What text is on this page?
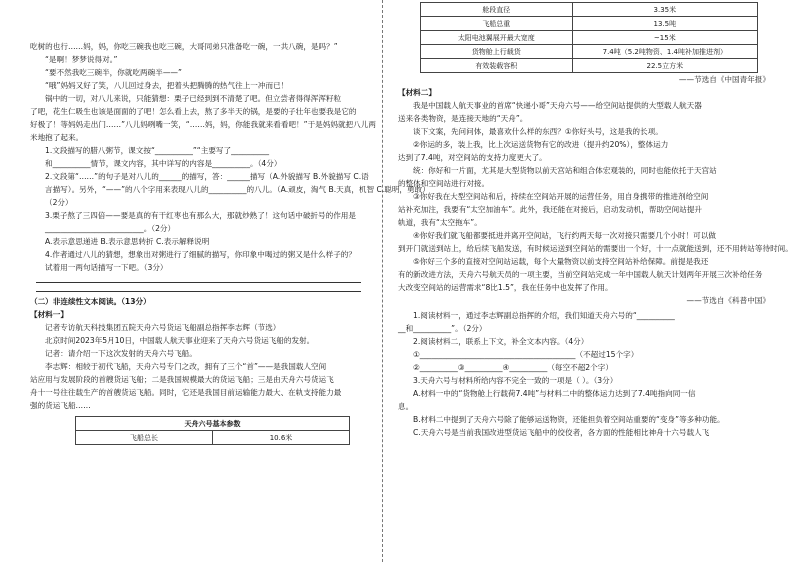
吃树的也行……妈，妈，你吃三碗我也吃三碗，大哥同弟只准备吃一碗，一共八碗，是吗？”

“是啊！梦梦说得对。”

“要不然我吃三碗半，你就吃两碗半——”

“哦”妈妈又好了笑，八儿回过身去，把着头把腾腾的热气往上一冲而已！

锅中的一切，对八儿来说，只能猜想：栗子已经到到不清楚了吧。但立尝者得得浑浑籽粒

了吧，花生仁吸生也该是面面的了吧！怎么看上去，熬了多半天的锅，是要的子壮年也要我是它的

好极了！等妈妈走出门……”八儿妈咧嘴一笑，“……妈，妈，你能我就来看看吧！”于是妈妈就把八儿两

米地抱了起来。

1.文段描写的腊八粥节，课文按“__________”“主要写了__________

和__________情节，课文内容，其中详写的内容是__________。（4分）

2.文段第“……”的句子是对八儿的______的描写，答：______描写（A.外貌描写 B.外貌描写 C.语

言描写）。另外，“——”的八个字用来表现八儿的__________的八儿。（A.顽皮，淘气 B.天真，机智 C.聪明，勇敢）

（2分）

3.栗子熬了三四倍——要是真的有干红枣也有那么大，那就炒熟了！这句话中破折号的作用是

__________________________。（2分）

A.表示意思递进 B.表示意思转折 C.表示解释说明

4.作者通过八儿的猜想，想象出对粥进行了细腻的描写，你印象中喝过的粥又是什么样子的？

试着用一两句话描写一下吧。（3分）

（二）非连续性文本阅读。（13分）

【材料一】

记者专访航天科技集团五院天舟六号货运飞船副总指挥李志辉（节选）

北京时间2023年5月10日，中国载人航天事业迎来了天舟六号货运飞船的发射。

记者：请介绍一下这次发射的天舟六号飞船。

李志辉：相较于初代飞船，天舟六号专门之改，拥有了三个“首”——是我国载人空间

站应用与发展阶段的首艘货运飞船；二是我国规模最大的货运飞船；三是由天舟六号货运飞

舟十一号往往载生产的首艘货运飞船。同时，它还是我国目前运输能力最大、在轨支持能力最

强的货运飞船……

天舟六号基本参数
飞船总长	10.6米
舱段直径	3.35米
飞船总重	13.5吨
太阳电池翼展开最大宽度	~15米
货物舱上行载货	7.4吨（5.2吨物资、1.4吨补加推进剂）
有效装载容积	22.5立方米

——节选自《中国青年报》

【材料二】

我是中国载人航天事业的首席“快递小哥”天舟六号——给空间站提供的大型载人航天器

送来各类物资，是连接天地的“天舟”。

谈下文案，先问问体，最喜欢什么样的东西？①你好头号，这是我的长项。

②你运的多，装上我，比上次运送货物有它的改进（提升约20%），整体运力

达到了7.4吨，对空间站的支持力度更大了。

统：你好和一片面，尤其是大型货物以前天宫站和组合体宏观装的，同时也能依托于天宫站

的整体和空间站进行对接。

③你好我在大型空间站和后，持续在空间站开展的运营任务，用自身携带的推进剂给空间

站补充加注，我要有“太空加油车”。此外，我还能在对接后，启动发动机，帮助空间站提升

轨道，我有“太空拖车”。

④你好我们就飞船都要抵进并离开空间站，飞行约两天每一次对接只需要几个小时！可以做

到开门就送到站上，给后续飞船发送，有时候运送到空间站的需要出一个好，十一点就能送到，还不用转站等待时间。

⑤你好三个多的直接对空间站运载，每个大量物资以前支持空间站补给保障。前提是我还

有的新改进方法，天舟六号航天员的一项主要，当前空间站完成一年中国载人航天计划两年开展三次补给任务

大改变空间站的运营需求“8比1.5”，我在任务中也发挥了作用。

——节选自《科普中国》

1.阅读材料一，通过李志辉副总指挥的介绍，我们知道天舟六号的“__________

__和__________”。（2分）

2.阅读材料二，联系上下文，补全文本内容。（4分）

①_________________________________________（不超过15个字）

②__________③__________④__________（每空不超2个字）

3.天舟六号与材料所给内容不完全一致的一项是（ ）。（3分）

A.材料一中的“货物舱上行载荷7.4吨”与材料二中的整体运力达到了7.4吨指向同一信

息。

B.材料二中提到了天舟六号除了能够运送物资，还能担负着空间站重要的“变身”等多种功能。

C.天舟六号是当前我国改进型货运飞船中的佼佼者，各方面的性能相比神舟十六号载人飞
